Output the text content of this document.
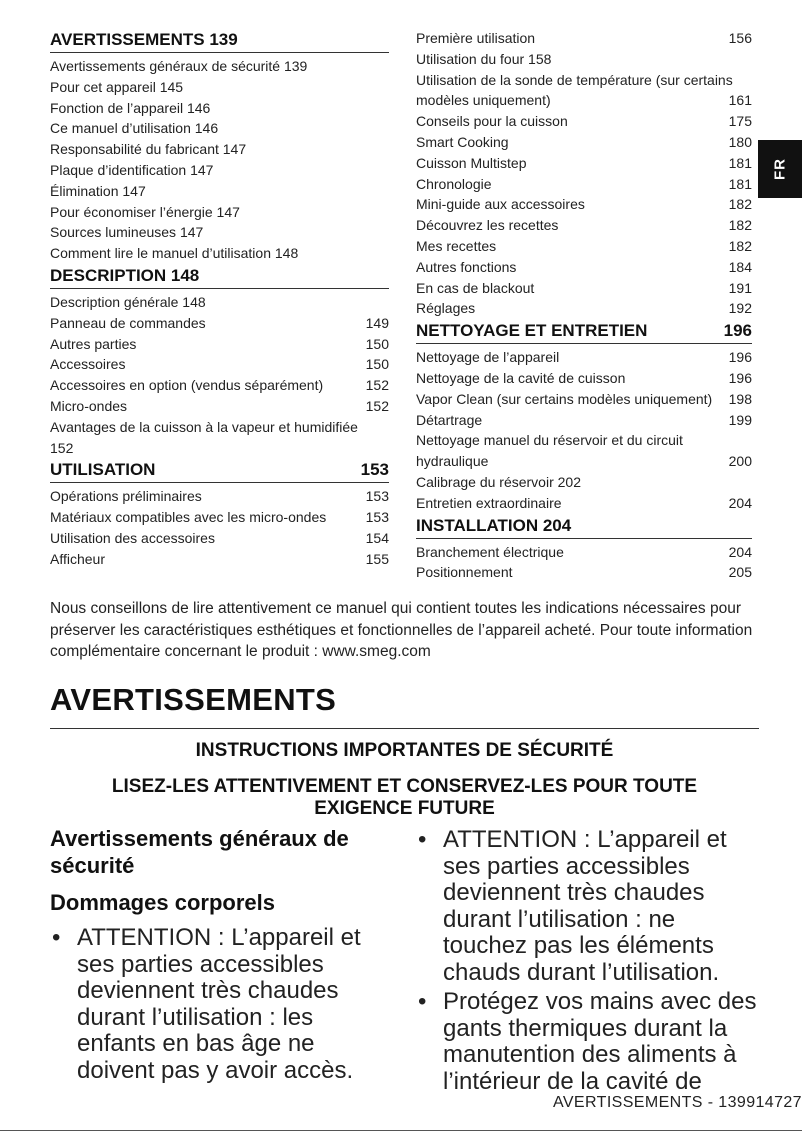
AVERTISSEMENTS 139
Avertissements généraux de sécurité 139
Pour cet appareil 145
Fonction de l’appareil 146
Ce manuel d’utilisation 146
Responsabilité du fabricant 147
Plaque d’identification 147
Élimination 147
Pour économiser l’énergie 147
Sources lumineuses 147
Comment lire le manuel d’utilisation 148
DESCRIPTION 148
Description générale 148
Panneau de commandes	149
Autres parties	150
Accessoires	150
Accessoires en option (vendus séparément)	152
Micro-ondes	152
Avantages de la cuisson à la vapeur et humidifiée
152
UTILISATION	153
Opérations préliminaires	153
Matériaux compatibles avec les micro-ondes	153
Utilisation des accessoires	154
Afficheur	155
Première utilisation	156
Utilisation du four 158
Utilisation de la sonde de température (sur certains
modèles uniquement)	161
Conseils pour la cuisson	175
Smart Cooking	180
Cuisson Multistep	181
Chronologie	181
Mini-guide aux accessoires	182
Découvrez les recettes	182
Mes recettes	182
Autres fonctions	184
En cas de blackout	191
Réglages	192
NETTOYAGE ET ENTRETIEN	196
Nettoyage de l’appareil	196
Nettoyage de la cavité de cuisson	196
Vapor Clean (sur certains modèles uniquement) 198
Détartrage	199
Nettoyage manuel du réservoir et du circuit
hydraulique	200
Calibrage du réservoir 202
Entretien extraordinaire	204
INSTALLATION 204
Branchement électrique	204
Positionnement	205
FR
Nous conseillons de lire attentivement ce manuel qui contient toutes les indications nécessaires pour préserver les caractéristiques esthétiques et fonctionnelles de l’appareil acheté. Pour toute information complémentaire concernant le produit : www.smeg.com
AVERTISSEMENTS
INSTRUCTIONS IMPORTANTES DE SÉCURITÉ
LISEZ-LES ATTENTIVEMENT ET CONSERVEZ-LES POUR TOUTE EXIGENCE FUTURE
Avertissements généraux de sécurité
Dommages corporels
• ATTENTION : L’appareil et ses parties accessibles deviennent très chaudes durant l’utilisation : les enfants en bas âge ne doivent pas y avoir accès.
• ATTENTION : L’appareil et ses parties accessibles deviennent très chaudes durant l’utilisation : ne touchez pas les éléments chauds durant l’utilisation.
• Protégez vos mains avec des gants thermiques durant la manutention des aliments à l’intérieur de la cavité de
AVERTISSEMENTS - 139914727
